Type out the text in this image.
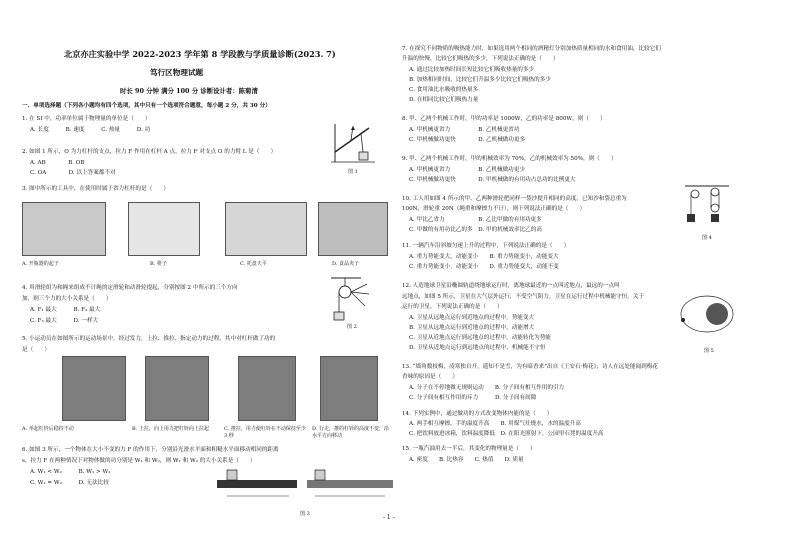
北京亦庄实验中学 2022-2023 学年第 8 学段教与学质量诊断(2023. 7)
笃行区物理试题
时长 90 分钟 满分 100 分 诊断设计者：陈菊清
一、单项选择题（下列各小题均有四个选项，其中只有一个选项符合题意，每小题 2 分，共 30 分）
1. 在 SI 中，功率单位属于物理量的单位是（　　）
A. 长度　　　B. 速度　　　C. 热量　　　D. 功
2. 如图 1 所示，O 为力杠杆的支点，拉力 F 作用在杠杆 A 点，拉力 F 对支点 O 的力臂 L 是（　　）
A. AB　　　　B. OB
C. OA　　　　D. 以上答案都不对	图 1
3. 图中所示的工具中，在使用时属于省力杠杆的是（　　）
A. 开瓶器的起子	B. 筷子	C. 托盘天平	D. 食品夹子
4. 用滑轮组为和绳来组成不计绳的定滑轮和动滑轮提起，分别按图 2 中所示的三个方向
加，则三个力的大小关系是（　　）
A. F₁ 最大　　　B. F₂ 最大
C. F₃ 最大　　　D. 一样大
图 2
5. 小运动员在如图所示的运动场景中，经过发力，上拉、推拉、指定动力的过程，其中对杠杆做了功的
是（　　）
A. 举起杠铃后稳持不动	B. 上拉，向上用力把杠铃向上拉起	C. 推拉，用力使杠铃在不动保持至少 3 秒
D. 行走，推的杠铃的高度不变，沿水平方向移动
6. 如图 3 所示，一个物体在大小不变的力 F 的作用下，分别沿光滑水平面和粗糙水平面移动相同的距离
s，拉力 F 在两种情况下对物体做的功分别是 W₁ 和 W₂，则 W₁ 和 W₂ 的大小关系是（　　）
A. W₁ < W₂　　　B. W₁ > W₂
C. W₁ = W₂　　　D. 无法比较
图 3
7. 在探究不同物质的吸热能力时，如果选用两个相同的酒精灯分别加热质量相同的水和食用油，比较它们
升温的快慢，比较它们吸热的多少，下列说法正确的是（　　）
A. 通过比较加热时间长短比较它们吸收热量的多少
B. 加热相同时间，比较它们升温多少比较它们吸热的多少
C. 食用油比水吸收的热量多
D. 在相同比较它们吸热力量
8. 甲、乙两个机械工作时，甲的功率是 1000W，乙的功率是 800W，则（　　）
A. 甲机械更省力　　　　　B. 乙机械更省功
C. 甲机械做功更快　　　　D. 乙机械做功更多
9. 甲、乙两个机械工作时，甲的机械效率为 70%，乙的机械效率为 50%，则（　　）
A. 甲机械更省力　　　　　B. 乙机械做功更少
C. 甲机械做功更快　　　　D. 甲机械做的有用功占总功的比例更大
10. 工人用如图 4 所示的甲、乙两种滑轮把同样一袋沙提升相同的高度，已知沙和袋总重为
100N，滑轮重 20N（绳重和摩擦力不计），则下列说法正确的是（　　）
A. 甲比乙省力　　　　　　B. 乙比甲做的有用功更多
C. 甲做的有用功比乙的多　D. 甲的机械效率比乙的高
图 4
11. 一辆汽车沿斜坡匀速上升的过程中，下列说法正确的是（　　）
A. 重力势能变大，动能变小　　B. 重力势能变小，动能变大
C. 重力势能变小，动能变小　　D. 重力势能变大，动能不变
12. 人造地球卫星沿椭圆轨道绕地球运行时，离地球最近的一点叫近地点，最远的一点叫
远地点，如图 5 所示，卫星在大气层外运行，不受空气阻力，卫星在运行过程中机械能守恒。关于
运行的卫星，下列说法正确的是（　　）
A. 卫星从远地点运行到近地点的过程中，势能变大
B. 卫星从远地点运行到近地点的过程中，动能增大
C. 卫星从近地点运行到远地点的过程中，动能转化为势能
D. 卫星从近地点运行到远地点的过程中，机械能不守恒	图 5
13. “墙角数枝梅，凌寒独自开，遥知不是雪，为有暗香来”出自《王安石·梅花》，诗人在远处能闻到梅花
香味的原因是（　　）
A. 分子在不停地做无规则运动　　B. 分子间有相互作用的引力
C. 分子间有相互作用的斥力　　　D. 分子间有间隙
14. 下列实例中，通过做功的方式改变物体内能的是（　　）
A. 两手相互摩擦，手的温度升高　　B. 用煤气灶烧水，水的温度升高
C. 把饮料放进冰箱，饮料温度降低　D. 在阳光照射下，公园里石凳的温度升高
15. 一瓶汽油用去一半后，其变化的物理量是（　　）
A. 密度　　B. 比热容　　C. 热值　　D. 质量
- 1 -
